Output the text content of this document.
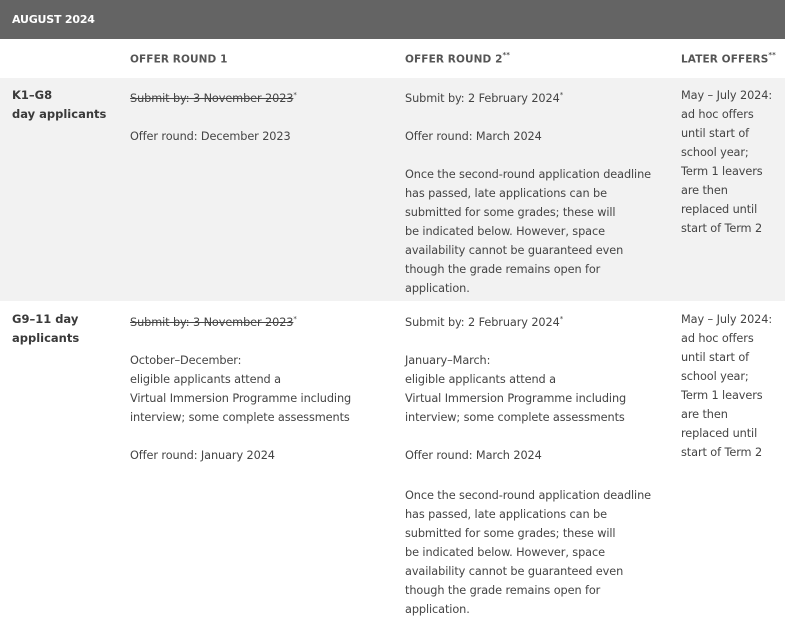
AUGUST 2024
OFFER ROUND 1	OFFER ROUND 2**	LATER OFFERS**
K1–G8
day applicants

Submit by: 3 November 2023*

Offer round: December 2023

Submit by: 2 February 2024*

Offer round: March 2024

Once the second-round application deadline

has passed, late applications can be

submitted for some grades; these will

be indicated below. However, space

availability cannot be guaranteed even

though the grade remains open for

application.

May – July 2024:

ad hoc offers

until start of

school year;

Term 1 leavers

are then

replaced until

start of Term 2

G9–11 day
applicants

Submit by: 3 November 2023*

October–December:

eligible applicants attend a

Virtual Immersion Programme including

interview; some complete assessments

Offer round: January 2024

Submit by: 2 February 2024*

January–March:

eligible applicants attend a

Virtual Immersion Programme including

interview; some complete assessments

Offer round: March 2024

Once the second-round application deadline

has passed, late applications can be

submitted for some grades; these will

be indicated below. However, space

availability cannot be guaranteed even

though the grade remains open for

application.

May – July 2024:

ad hoc offers

until start of

school year;

Term 1 leavers

are then

replaced until

start of Term 2
